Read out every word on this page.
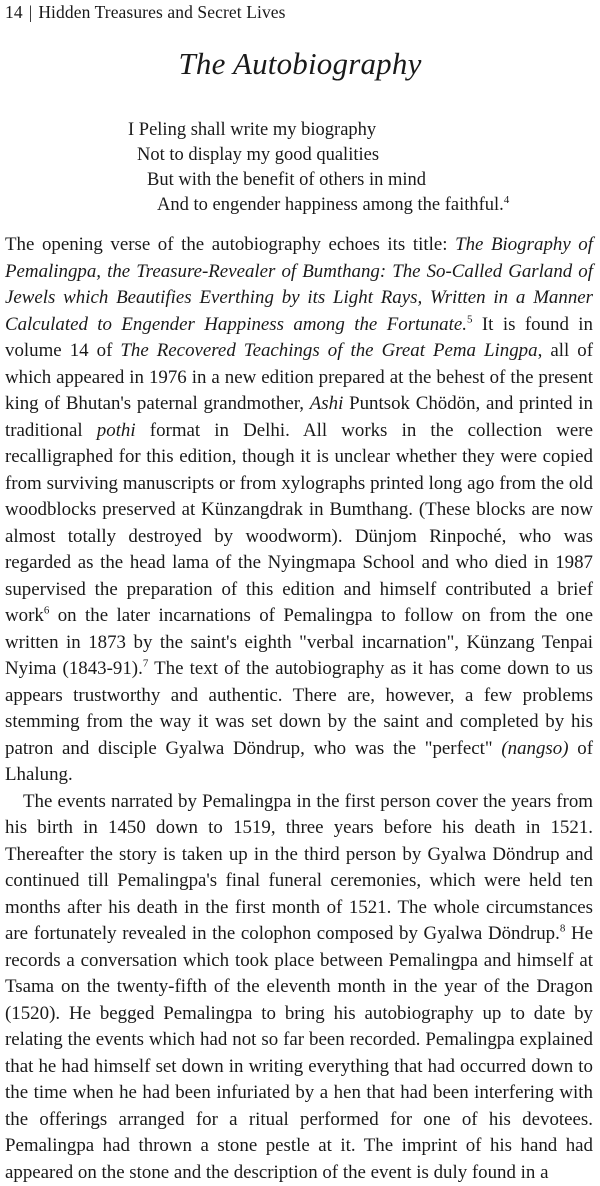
14 | Hidden Treasures and Secret Lives
The Autobiography
I Peling shall write my biography
Not to display my good qualities
But with the benefit of others in mind
And to engender happiness among the faithful.$^4$

The opening verse of the autobiography echoes its title: The Biography of Pemalingpa, the Treasure-Revealer of Bumthang: The So-Called Garland of Jewels which Beautifies Everthing by its Light Rays, Written in a Manner Calculated to Engender Happiness among the Fortunate.$^5$ It is found in volume 14 of The Recovered Teachings of the Great Pema Lingpa, all of which appeared in 1976 in a new edition prepared at the behest of the present king of Bhutan's paternal grandmother, Ashi Puntsok Chödön, and printed in traditional pothi format in Delhi. All works in the collection were recalligraphed for this edition, though it is unclear whether they were copied from surviving manuscripts or from xylographs printed long ago from the old woodblocks preserved at Künzangdrak in Bumthang. (These blocks are now almost totally destroyed by woodworm). Dünjom Rinpoché, who was regarded as the head lama of the Nyingmapa School and who died in 1987 supervised the preparation of this edition and himself contributed a brief work$^6$ on the later incarnations of Pemalingpa to follow on from the one written in 1873 by the saint's eighth "verbal incarnation", Künzang Tenpai Nyima (1843-91).$^7$ The text of the autobiography as it has come down to us appears trustworthy and authentic. There are, however, a few problems stemming from the way it was set down by the saint and completed by his patron and disciple Gyalwa Döndrup, who was the "perfect" (nangso) of Lhalung.

The events narrated by Pemalingpa in the first person cover the years from his birth in 1450 down to 1519, three years before his death in 1521. Thereafter the story is taken up in the third person by Gyalwa Döndrup and continued till Pemalingpa's final funeral ceremonies, which were held ten months after his death in the first month of 1521. The whole circumstances are fortunately revealed in the colophon composed by Gyalwa Döndrup.$^8$ He records a conversation which took place between Pemalingpa and himself at Tsama on the twenty-fifth of the eleventh month in the year of the Dragon (1520). He begged Pemalingpa to bring his autobiography up to date by relating the events which had not so far been recorded. Pemalingpa explained that he had himself set down in writing everything that had occurred down to the time when he had been infuriated by a hen that had been interfering with the offerings arranged for a ritual performed for one of his devotees. Pemalingpa had thrown a stone pestle at it. The imprint of his hand had appeared on the stone and the description of the event is duly found in a
